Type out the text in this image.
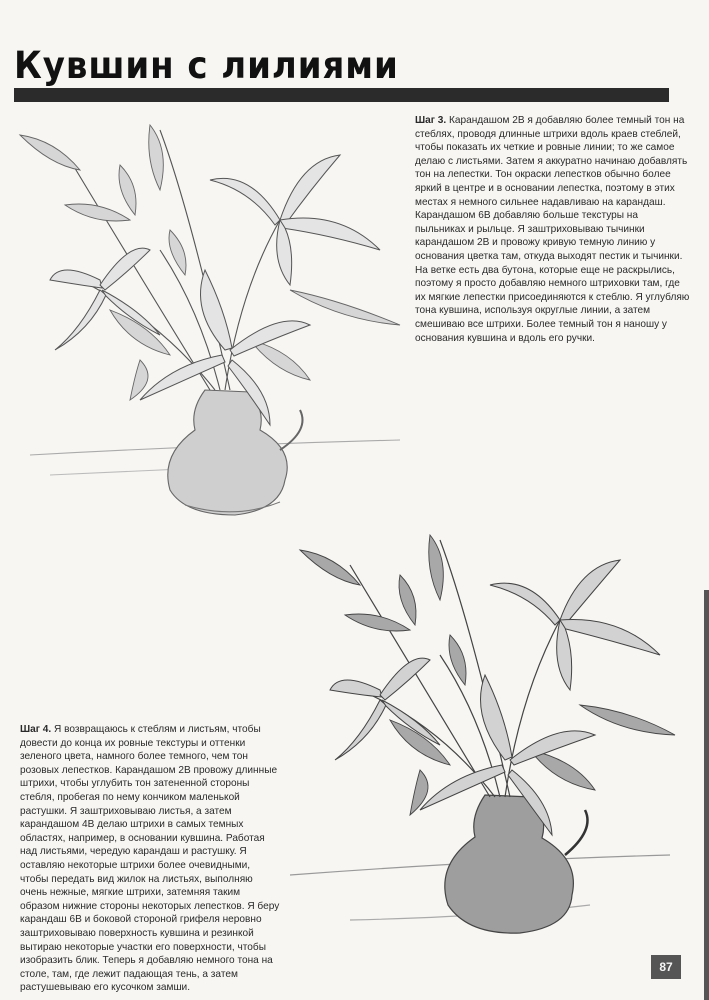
Кувшин с лилиями

Шаг 3. Карандашом 2В я добавляю более темный тон на стеблях, проводя длинные штрихи вдоль краев стеблей, чтобы показать их четкие и ровные линии; то же самое делаю с листьями. Затем я аккуратно начинаю добавлять тон на лепестки. Тон окраски лепестков обычно более яркий в центре и в основании лепестка, поэтому в этих местах я немного сильнее надавливаю на карандаш. Карандашом 6В добавляю больше текстуры на пыльниках и рыльце. Я заштриховываю тычинки карандашом 2В и провожу кривую темную линию у основания цветка там, откуда выходят пестик и тычинки. На ветке есть два бутона, которые еще не раскрылись, поэтому я просто добавляю немного штриховки там, где их мягкие лепестки присоединяются к стеблю. Я углубляю тона кувшина, используя округлые линии, а затем смешиваю все штрихи. Более темный тон я наношу у основания кувшина и вдоль его ручки.

Шаг 4. Я возвращаюсь к стеблям и листьям, чтобы довести до конца их ровные текстуры и оттенки зеленого цвета, намного более темного, чем тон розовых лепестков. Карандашом 2В провожу длинные штрихи, чтобы углубить тон затененной стороны стебля, пробегая по нему кончиком маленькой растушки. Я заштриховываю листья, а затем карандашом 4В делаю штрихи в самых темных областях, например, в основании кувшина. Работая над листьями, чередую карандаш и растушку. Я оставляю некоторые штрихи более очевидными, чтобы передать вид жилок на листьях, выполняю очень нежные, мягкие штрихи, затемняя таким образом нижние стороны некоторых лепестков. Я беру карандаш 6В и боковой стороной грифеля неровно заштриховываю поверхность кувшина и резинкой вытираю некоторые участки его поверхности, чтобы изобразить блик. Теперь я добавляю немного тона на столе, там, где лежит падающая тень, а затем растушевываю его кусочком замши.

87
